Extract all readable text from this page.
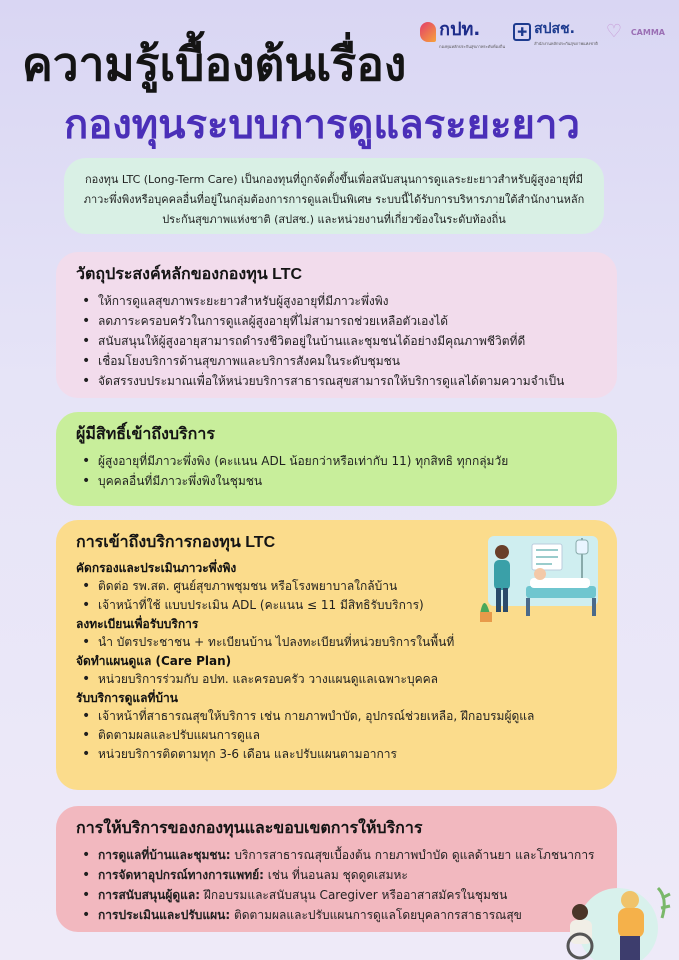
กปท.
กองทุนหลักประกันสุขภาพระดับท้องถิ่น
✚ สปสช.
สำนักงานหลักประกันสุขภาพแห่งชาติ
♡	CAMMA
ความรู้เบื้องต้นเรื่อง
กองทุนระบบการดูแลระยะยาว

กองทุน LTC (Long-Term Care) เป็นกองทุนที่ถูกจัดตั้งขึ้นเพื่อสนับสนุนการดูแลระยะยาวสำหรับผู้สูงอายุที่มีภาวะพึ่งพิงหรือบุคคลอื่นที่อยู่ในกลุ่มต้องการการดูแลเป็นพิเศษ ระบบนี้ได้รับการบริหารภายใต้สำนักงานหลักประกันสุขภาพแห่งชาติ (สปสช.) และหน่วยงานที่เกี่ยวข้องในระดับท้องถิ่น

วัตถุประสงค์หลักของกองทุน LTC
• ให้การดูแลสุขภาพระยะยาวสำหรับผู้สูงอายุที่มีภาวะพึ่งพิง
• ลดภาระครอบครัวในการดูแลผู้สูงอายุที่ไม่สามารถช่วยเหลือตัวเองได้
• สนับสนุนให้ผู้สูงอายุสามารถดำรงชีวิตอยู่ในบ้านและชุมชนได้อย่างมีคุณภาพชีวิตที่ดี
• เชื่อมโยงบริการด้านสุขภาพและบริการสังคมในระดับชุมชน
• จัดสรรงบประมาณเพื่อให้หน่วยบริการสาธารณสุขสามารถให้บริการดูแลได้ตามความจำเป็น
ผู้มีสิทธิ์เข้าถึงบริการ
• ผู้สูงอายุที่มีภาวะพึ่งพิง (คะแนน ADL น้อยกว่าหรือเท่ากับ 11) ทุกสิทธิ ทุกกลุ่มวัย
• บุคคลอื่นที่มีภาวะพึ่งพิงในชุมชน
การเข้าถึงบริการกองทุน LTC
คัดกรองและประเมินภาวะพึ่งพิง
• ติดต่อ รพ.สต. ศูนย์สุขภาพชุมชน หรือโรงพยาบาลใกล้บ้าน
• เจ้าหน้าที่ใช้ แบบประเมิน ADL (คะแนน ≤ 11 มีสิทธิรับบริการ)
ลงทะเบียนเพื่อรับบริการ
• นำ บัตรประชาชน + ทะเบียนบ้าน ไปลงทะเบียนที่หน่วยบริการในพื้นที่
จัดทำแผนดูแล (Care Plan)
• หน่วยบริการร่วมกับ อปท. และครอบครัว วางแผนดูแลเฉพาะบุคคล
รับบริการดูแลที่บ้าน
• เจ้าหน้าที่สาธารณสุขให้บริการ เช่น กายภาพบำบัด, อุปกรณ์ช่วยเหลือ, ฝึกอบรมผู้ดูแล
• ติดตามผลและปรับแผนการดูแล
• หน่วยบริการติดตามทุก 3-6 เดือน และปรับแผนตามอาการ
การให้บริการของกองทุนและขอบเขตการให้บริการ
• การดูแลที่บ้านและชุมชน: บริการสาธารณสุขเบื้องต้น กายภาพบำบัด ดูแลด้านยา และโภชนาการ
• การจัดหาอุปกรณ์ทางการแพทย์: เช่น ที่นอนลม ชุดดูดเสมหะ
• การสนับสนุนผู้ดูแล: ฝึกอบรมและสนับสนุน Caregiver หรืออาสาสมัครในชุมชน
• การประเมินและปรับแผน: ติดตามผลและปรับแผนการดูแลโดยบุคลากรสาธารณสุข
